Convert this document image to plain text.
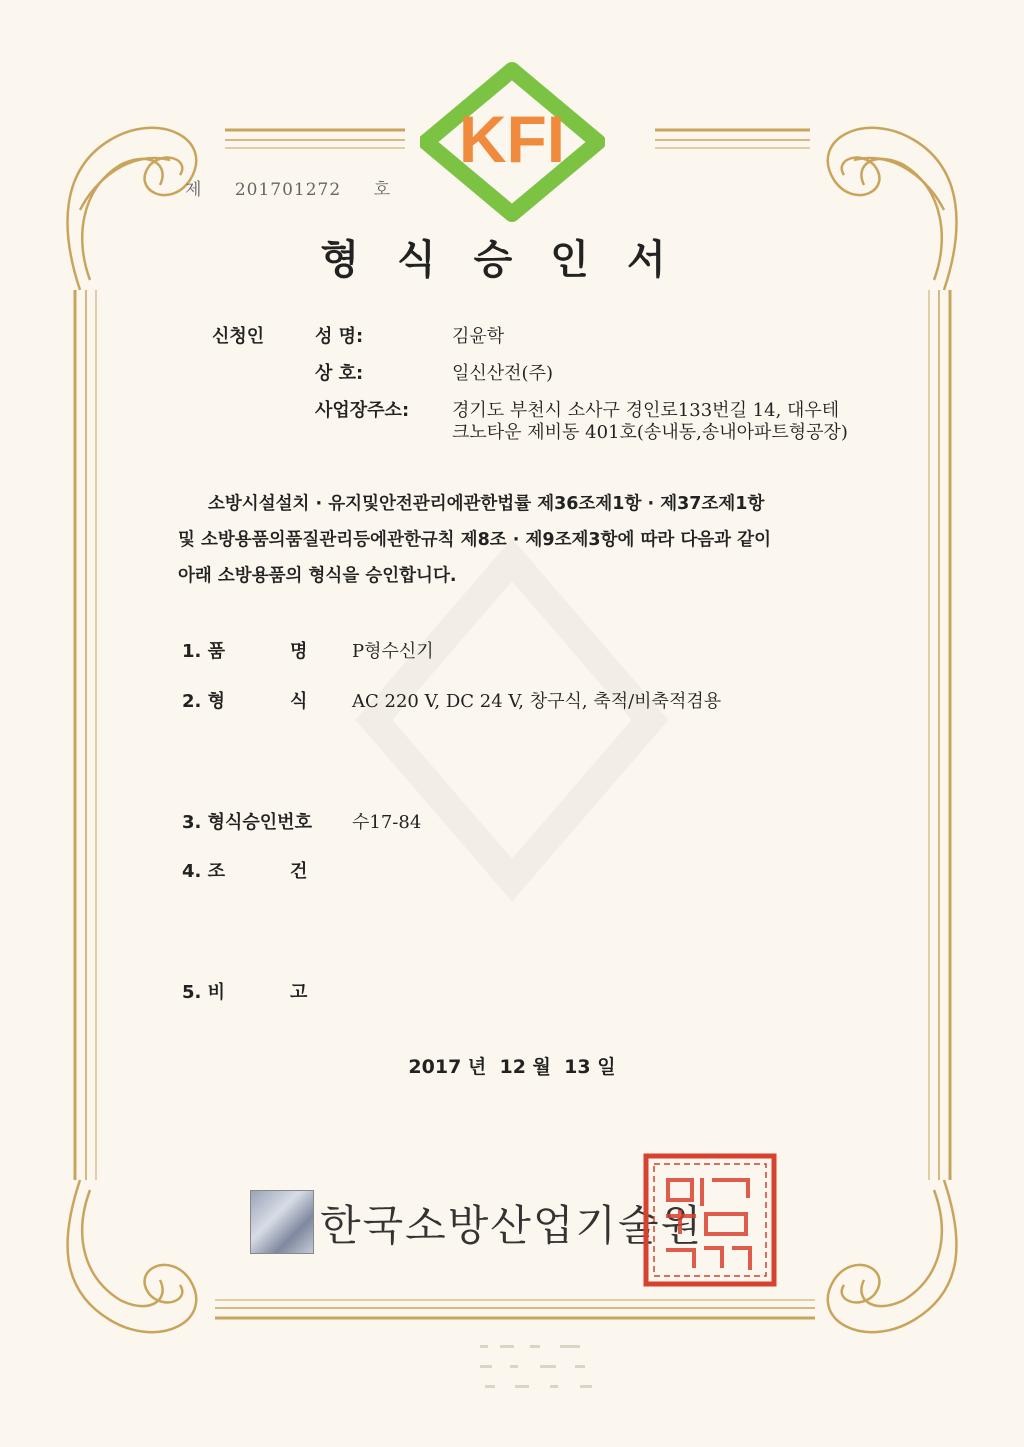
KFI
제 201701272 호
형식승인서
신청인	성 명:	김윤학
상 호:	일신산전(주)
사업장주소: 경기도 부천시 소사구 경인로133번길 14, 대우테
크노타운 제비동 401호(송내동,송내아파트형공장)
소방시설설치 · 유지및안전관리에관한법률 제36조제1항 · 제37조제1항
및 소방용품의품질관리등에관한규칙 제8조 · 제9조제3항에 따라 다음과 같이
아래 소방용품의 형식을 승인합니다.
1. 품	명 P형수신기
2. 형	식 AC 220 V, DC 24 V, 창구식, 축적/비축적겸용
3. 형식승인번호 수17-84
4. 조	건
5. 비	고
2017 년  12 월  13 일
한국소방산업기술원
